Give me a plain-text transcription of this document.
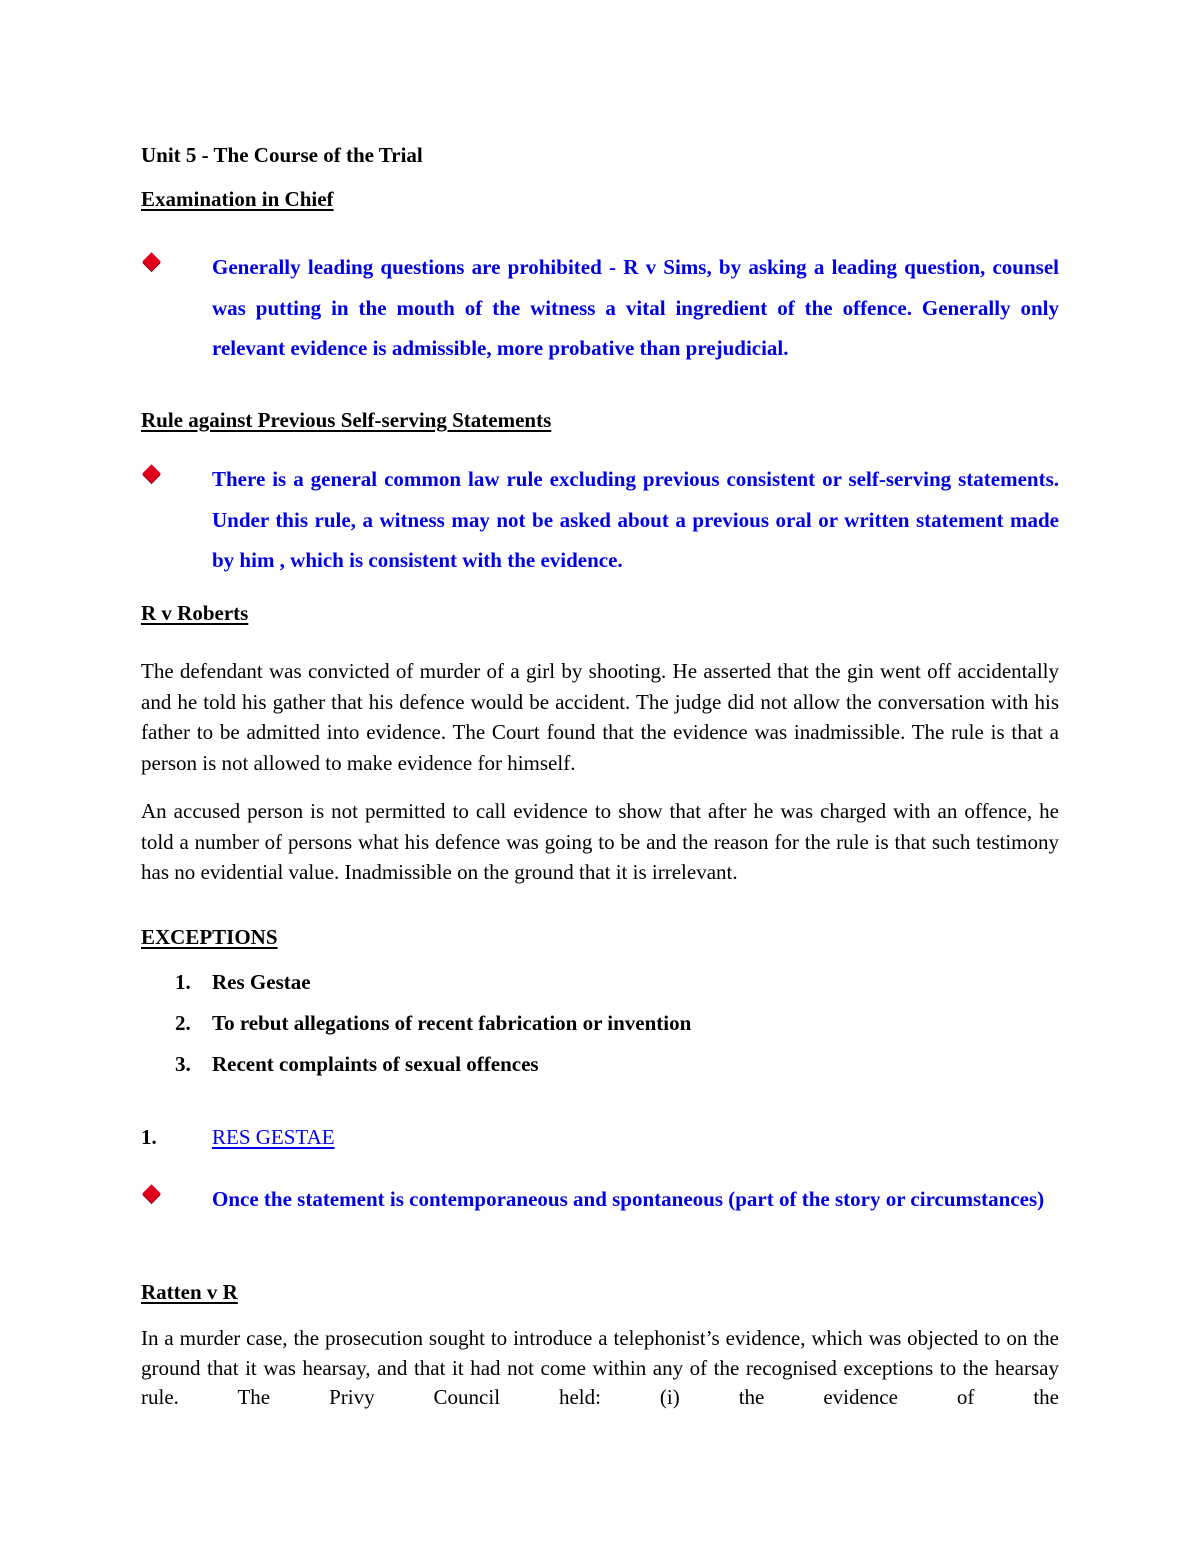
Unit 5 - The Course of the Trial
Examination in Chief
Generally leading questions are prohibited - R v Sims, by asking a leading question, counsel was putting in the mouth of the witness a vital ingredient of the offence. Generally only relevant evidence is admissible, more probative than prejudicial.
Rule against Previous Self-serving Statements
There is a general common law rule excluding previous consistent or self-serving statements. Under this rule, a witness may not be asked about a previous oral or written statement made by him , which is consistent with the evidence.
R v Roberts
The defendant was convicted of murder of a girl by shooting. He asserted that the gin went off accidentally and he told his gather that his defence would be accident. The judge did not allow the conversation with his father to be admitted into evidence. The Court found that the evidence was inadmissible. The rule is that a person is not allowed to make evidence for himself.
An accused person is not permitted to call evidence to show that after he was charged with an offence, he told a number of persons what his defence was going to be and the reason for the rule is that such testimony has no evidential value. Inadmissible on the ground that it is irrelevant.
EXCEPTIONS
1. Res Gestae
2. To rebut allegations of recent fabrication or invention
3. Recent complaints of sexual offences
1.	RES GESTAE
Once the statement is contemporaneous and spontaneous (part of the story or circumstances)
Ratten v R
In a murder case, the prosecution sought to introduce a telephonist’s evidence, which was objected to on the ground that it was hearsay, and that it had not come within any of the recognised exceptions to the hearsay rule. The Privy Council held: (i) the evidence of the
